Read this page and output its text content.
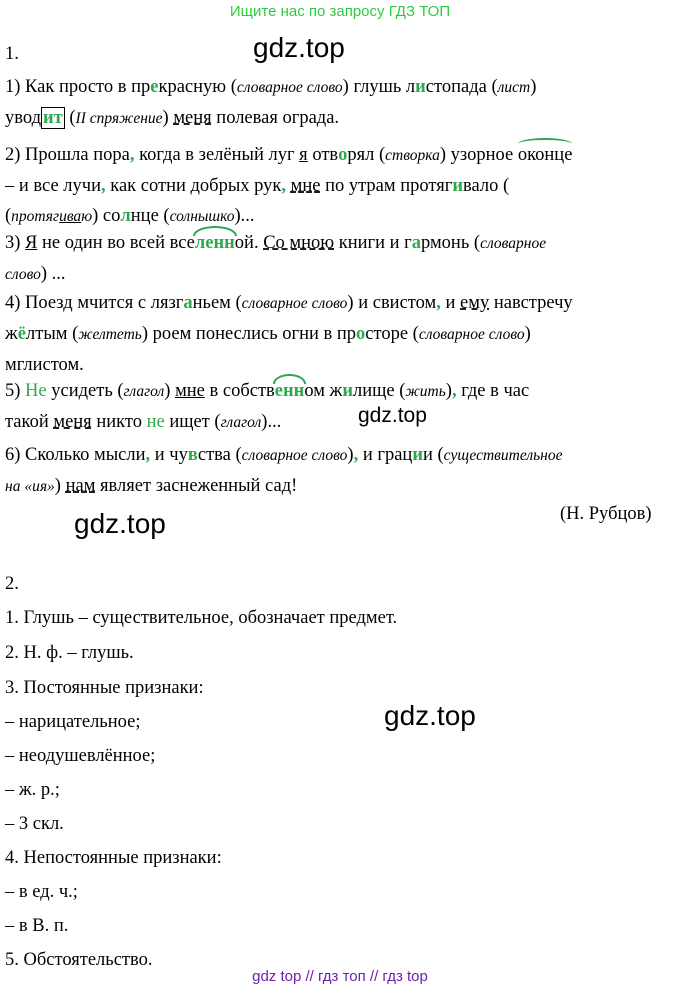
Ищите нас по запросу ГДЗ ТОП
gdz.top
1.
1) Как просто в прекрасную (словарное слово) глушь листопада (лист)
увод ит (II спряжение) меня полевая ограда.
2) Прошла пора, когда в зелёный луг я отворял (створка) узорное оконце
– и все лучи, как сотни добрых рук, мне по утрам протягивало (
(протягиваю) солнце (солнышко)...
3) Я не один во всей вселенной. Со мною книги и гармонь (словарное
слово) ...
4) Поезд мчится с лязганьем (словарное слово) и свистом, и ему навстречу
жёлтым (желтеть) роем понеслись огни в просторе (словарное слово)
мглистом.
5) Не усидеть (глагол) мне в собственном жилище (жить), где в час
такой меня никто не ищет (глагол)...	gdz.top
6) Сколько мысли, и чувства (словарное слово), и грации (существительное
на «ия») нам являет заснеженный сад!
gdz.top	(Н. Рубцов)
2.
1. Глушь – существительное, обозначает предмет.
2. Н. ф. – глушь.
3. Постоянные признаки:
– нарицательное;
– неодушевлённое;
– ж. р.;
– 3 скл.
4. Непостоянные признаки:
– в ед. ч.;
– в В. п.
5. Обстоятельство.
gdz.top
gdz top // гдз топ // гдз top
